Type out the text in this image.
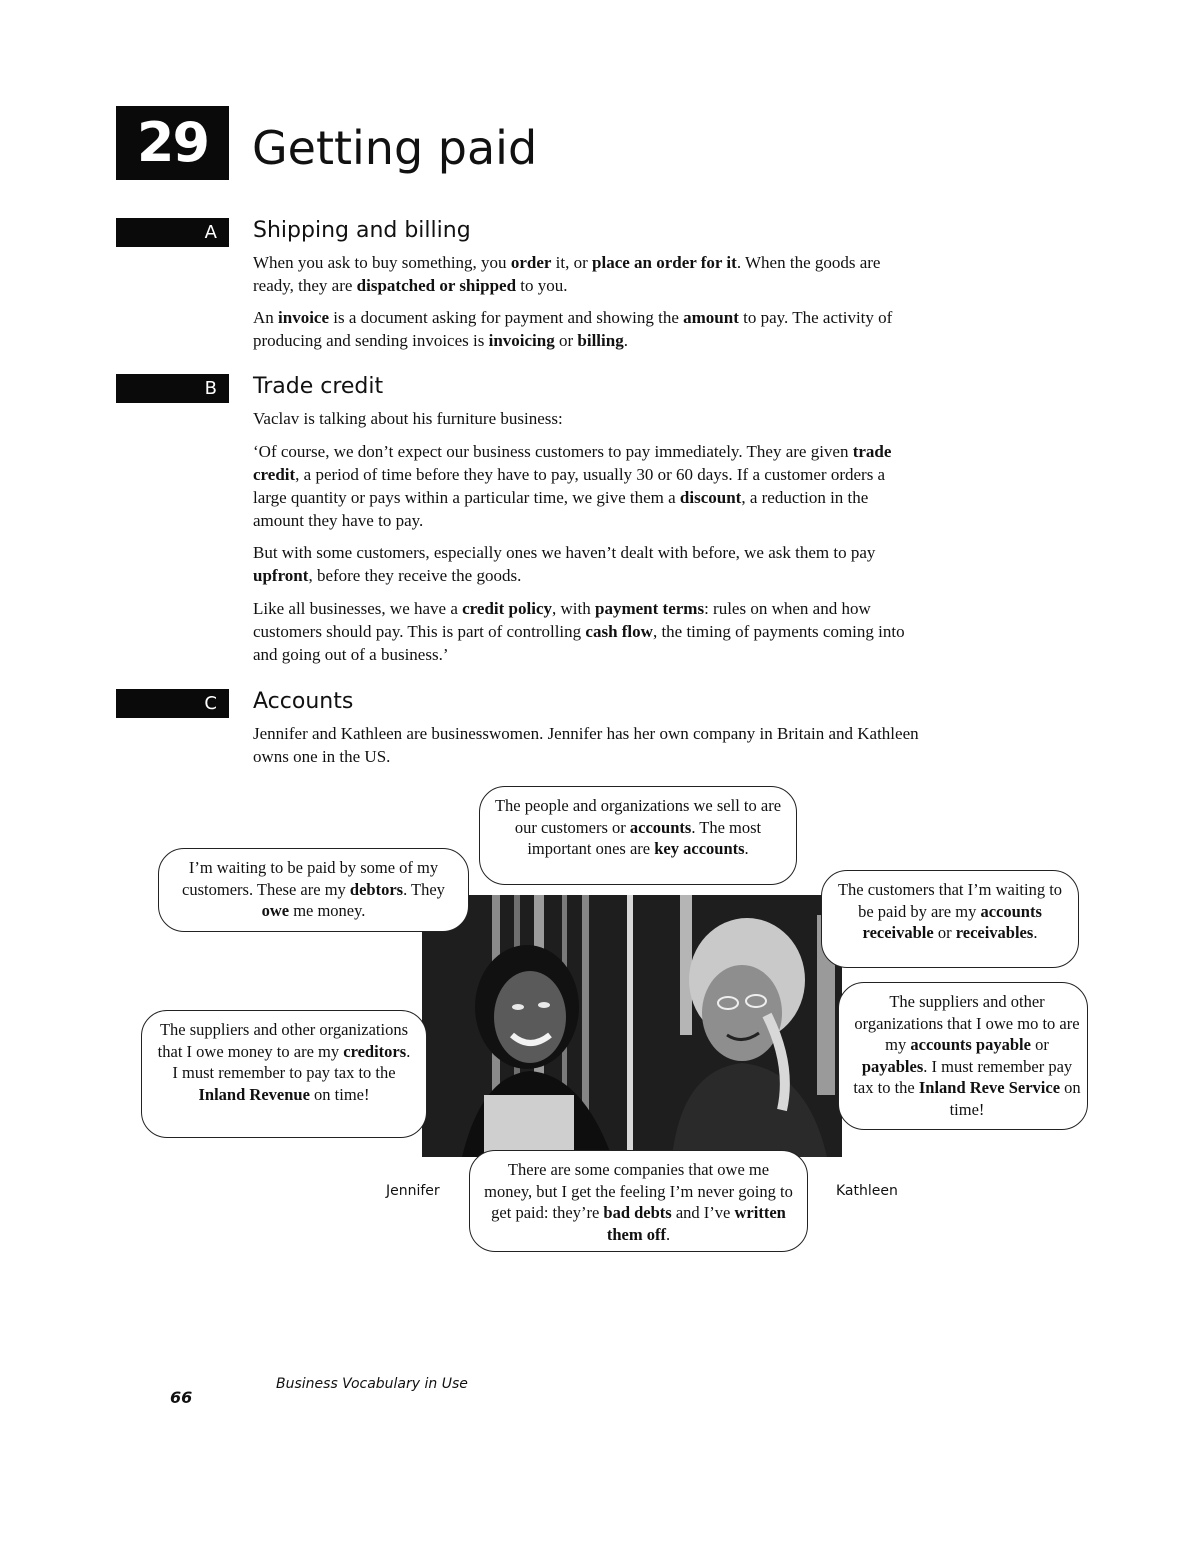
29 Getting paid
A	Shipping and billing

When you ask to buy something, you order it, or place an order for it. When the goods are ready, they are dispatched or shipped to you.

An invoice is a document asking for payment and showing the amount to pay. The activity of producing and sending invoices is invoicing or billing.

B	Trade credit

Vaclav is talking about his furniture business:

‘Of course, we don’t expect our business customers to pay immediately. They are given trade credit, a period of time before they have to pay, usually 30 or 60 days. If a customer orders a large quantity or pays within a particular time, we give them a discount, a reduction in the amount they have to pay.

But with some customers, especially ones we haven’t dealt with before, we ask them to pay upfront, before they receive the goods.

Like all businesses, we have a credit policy, with payment terms: rules on when and how customers should pay. This is part of controlling cash flow, the timing of payments coming into and going out of a business.’

C	Accounts

Jennifer and Kathleen are businesswomen. Jennifer has her own company in Britain and Kathleen owns one in the US.

The people and organizations we sell to are our customers or accounts. The most important ones are key accounts.
I’m waiting to be paid by some of my customers. These are my debtors. They owe me money.
The customers that I’m waiting to be paid by are my accounts receivable or receivables.
The suppliers and other organizations that I owe money to are my creditors. I must remember to pay tax to the Inland Revenue on time!
The suppliers and other organizations that I owe mo to are my accounts payable or payables. I must remember pay tax to the Inland Reve Service on time!
There are some companies that owe me money, but I get the feeling I’m never going to get paid: they’re bad debts and I’ve written them off.
Jennifer	Kathleen
66
Business Vocabulary in Use
